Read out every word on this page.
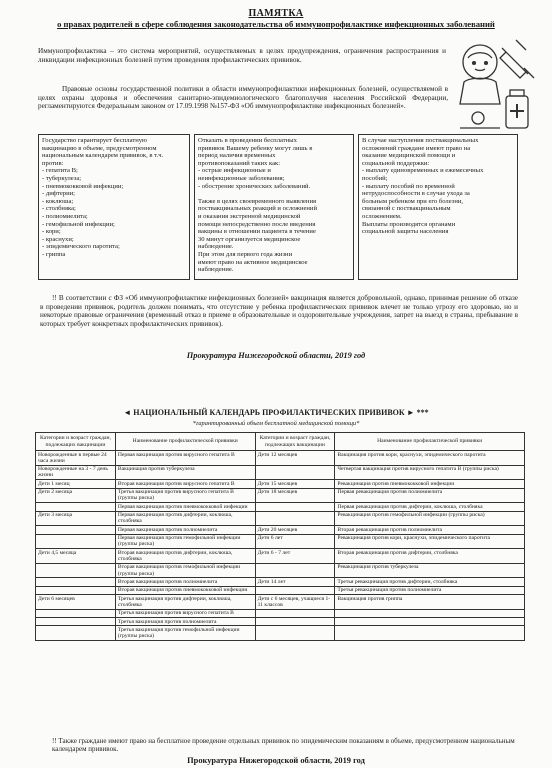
ПАМЯТКА
о правах родителей в сфере соблюдения законодательства об иммунопрофилактике инфекционных заболеваний

Иммунопрофилактика – это система мероприятий, осуществляемых в целях предупреждения, ограничения распространения и ликвидации инфекционных болезней путем проведения профилактических прививок.

Правовые основы государственной политики в области иммунопрофилактики инфекционных болезней, осуществляемой в целях охраны здоровья и обеспечения санитарно-эпидемиологического благополучия населения Российской Федерации, регламентируются Федеральным законом от 17.09.1998 №157-ФЗ «Об иммунопрофилактике инфекционных болезней».

Государство гарантирует бесплатную
вакцинацию в объеме, предусмотренном
национальным календарем прививок, в т.ч.
против:
- гепатита В;
- туберкулеза;
- пневмококковой инфекции;
- дифтерии;
- коклюша;
- столбняка;
- полиомиелита;
- гемофильной инфекции;
- кори;
- краснухи;
- эпидемического паротита;
- гриппа
Отказать в проведении бесплатных
прививок Вашему ребенку могут лишь в
период наличия временных
противопоказаний таких как:
- острые инфекционные и
неинфекционные заболевания;
- обострение хронических заболеваний.

Также в целях своевременного выявления
поствакцинальных реакций и осложнений
и оказания экстренной медицинской
помощи непосредственно после введения
вакцины в отношении пациента в течение
30 минут организуется медицинское
наблюдение.
При этом для первого года жизни
имеют право на активное медицинское
наблюдение.
В случае наступления поствакцинальных
осложнений граждане имеют право на
оказание медицинской помощи и
социальной поддержки:
- выплату единовременных и ежемесячных
пособий;
- выплату пособий по временной
нетрудоспособности в случае ухода за
больным ребенком при его болезни,
связанной с поствакцинальным
осложнением.
Выплаты производятся органами
социальной защиты населения

!! В соответствии с ФЗ «Об иммунопрофилактике инфекционных болезней» вакцинация является добровольной, однако, принимая решение об отказе в проведении прививок, родитель должен понимать, что отсутствие у ребенка профилактических прививок влечет не только угрозу его здоровью, но и некоторые правовые ограничения (временный отказ в приеме в образовательные и оздоровительные учреждения, запрет на выезд в страны, пребывание в которых требует конкретных профилактических прививок).

Прокуратура Нижегородской области, 2019 год
◄ НАЦИОНАЛЬНЫЙ КАЛЕНДАРЬ ПРОФИЛАКТИЧЕСКИХ ПРИВИВОК ► ***
*гарантированный объем бесплатной медицинской помощи*
Категории и возраст граждан, подлежащих вакцинации	Наименование профилактической прививки	Категории и возраст граждан, подлежащих вакцинации	Наименование профилактической прививки
Новорожденные в первые 24 часа жизни	Первая вакцинация против вирусного гепатита В	Дети 12 месяцев	Вакцинация против кори, краснухи, эпидемического паротита
Новорожденные на 3 - 7 день жизни	Вакцинация против туберкулеза		Четвертая вакцинация против вирусного гепатита В (группы риска)
Дети 1 месяц	Вторая вакцинация против вирусного гепатита В	Дети 15 месяцев	Ревакцинация против пневмококковой инфекции
Дети 2 месяца	Третья вакцинация против вирусного гепатита В (группы риска)	Дети 18 месяцев	Первая ревакцинация против полиомиелита
	Первая вакцинация против пневмококковой инфекции		Первая ревакцинация против дифтерии, коклюша, столбняка
Дети 3 месяца	Первая вакцинация против дифтерии, коклюша, столбняка		Ревакцинация против гемофильной инфекции (группы риска)
	Первая вакцинация против полиомиелита	Дети 20 месяцев	Вторая ревакцинация против полиомиелита
	Первая вакцинация против гемофильной инфекции (группы риска)	Дети 6 лет	Ревакцинация против кори, краснухи, эпидемического паротита
Дети 4,5 месяца	Вторая вакцинация против дифтерии, коклюша, столбняка	Дети 6 - 7 лет	Вторая ревакцинация против дифтерии, столбняка
	Вторая вакцинация против гемофильной инфекции (группы риска)		Ревакцинация против туберкулеза
	Вторая вакцинация против полиомиелита	Дети 14 лет	Третья ревакцинация против дифтерии, столбняка
	Вторая вакцинация против пневмококковой инфекции		Третья ревакцинация против полиомиелита
Дети 6 месяцев	Третья вакцинация против дифтерии, коклюша, столбняка	Дети с 6 месяцев, учащиеся 1-11 классов	Вакцинация против гриппа
	Третья вакцинация против вирусного гепатита В		
	Третья вакцинация против полиомиелита		
	Третья вакцинация против гемофильной инфекции (группы риска)		

!! Также граждане имеют право на бесплатное проведение отдельных прививок по эпидемическим показаниям в объеме, предусмотренном национальным календарем прививок.

Прокуратура Нижегородской области, 2019 год
